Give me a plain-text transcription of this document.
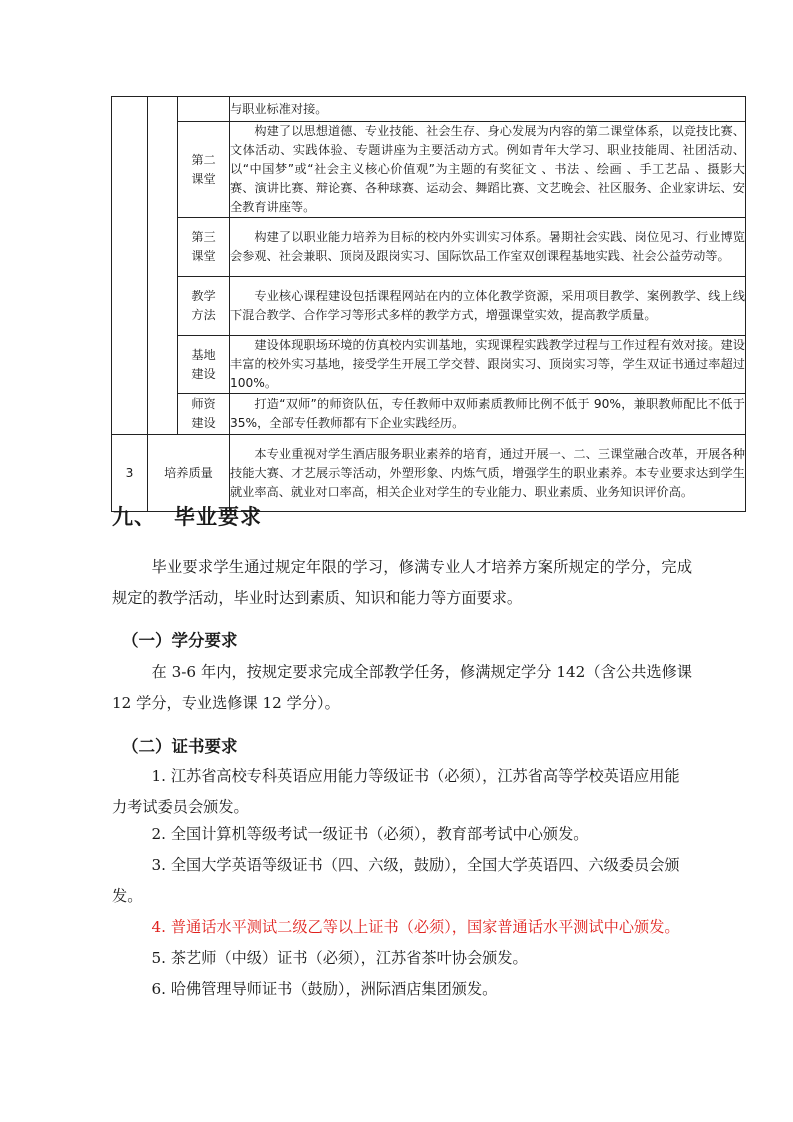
			与职业标准对接。

		第二
课堂	构建了以思想道德、专业技能、社会生存、身心发展为内容的第二课堂体系，以竞技比赛、文体活动、实践体验、专题讲座为主要活动方式。例如青年大学习、职业技能周、社团活动、以“中国梦”或“社会主义核心价值观”为主题的有奖征文 、书法 、绘画 、手工艺品 、摄影大赛、演讲比赛、辩论赛、各种球赛、运动会、舞蹈比赛、文艺晚会、社区服务、企业家讲坛、安全教育讲座等。

		第三
课堂	构建了以职业能力培养为目标的校内外实训实习体系。暑期社会实践、岗位见习、行业博览会参观、社会兼职、顶岗及跟岗实习、国际饮品工作室双创课程基地实践、社会公益劳动等。

		教学
方法	专业核心课程建设包括课程网站在内的立体化教学资源，采用项目教学、案例教学、线上线下混合教学、合作学习等形式多样的教学方式，增强课堂实效，提高教学质量。

		基地
建设	建设体现职场环境的仿真校内实训基地，实现课程实践教学过程与工作过程有效对接。建设丰富的校外实习基地，接受学生开展工学交替、跟岗实习、顶岗实习等，学生双证书通过率超过 100%。

		师资
建设	打造“双师”的师资队伍，专任教师中双师素质教师比例不低于 90%，兼职教师配比不低于 35%，全部专任教师都有下企业实践经历。
3	培养质量		本专业重视对学生酒店服务职业素养的培育，通过开展一、二、三课堂融合改革，开展各种技能大赛、才艺展示等活动，外塑形象、内炼气质，增强学生的职业素养。本专业要求达到学生就业率高、就业对口率高，相关企业对学生的专业能力、职业素质、业务知识评价高。
九、 毕业要求
毕业要求学生通过规定年限的学习，修满专业人才培养方案所规定的学分，完成规定的教学活动，毕业时达到素质、知识和能力等方面要求。
（一）学分要求
在 3-6 年内，按规定要求完成全部教学任务，修满规定学分 142（含公共选修课 12 学分，专业选修课 12 学分）。
（二）证书要求
1. 江苏省高校专科英语应用能力等级证书（必须），江苏省高等学校英语应用能力考试委员会颁发。
2. 全国计算机等级考试一级证书（必须），教育部考试中心颁发。
3. 全国大学英语等级证书（四、六级，鼓励），全国大学英语四、六级委员会颁发。
4. 普通话水平测试二级乙等以上证书（必须），国家普通话水平测试中心颁发。
5. 茶艺师（中级）证书（必须），江苏省茶叶协会颁发。
6. 哈佛管理导师证书（鼓励），洲际酒店集团颁发。
